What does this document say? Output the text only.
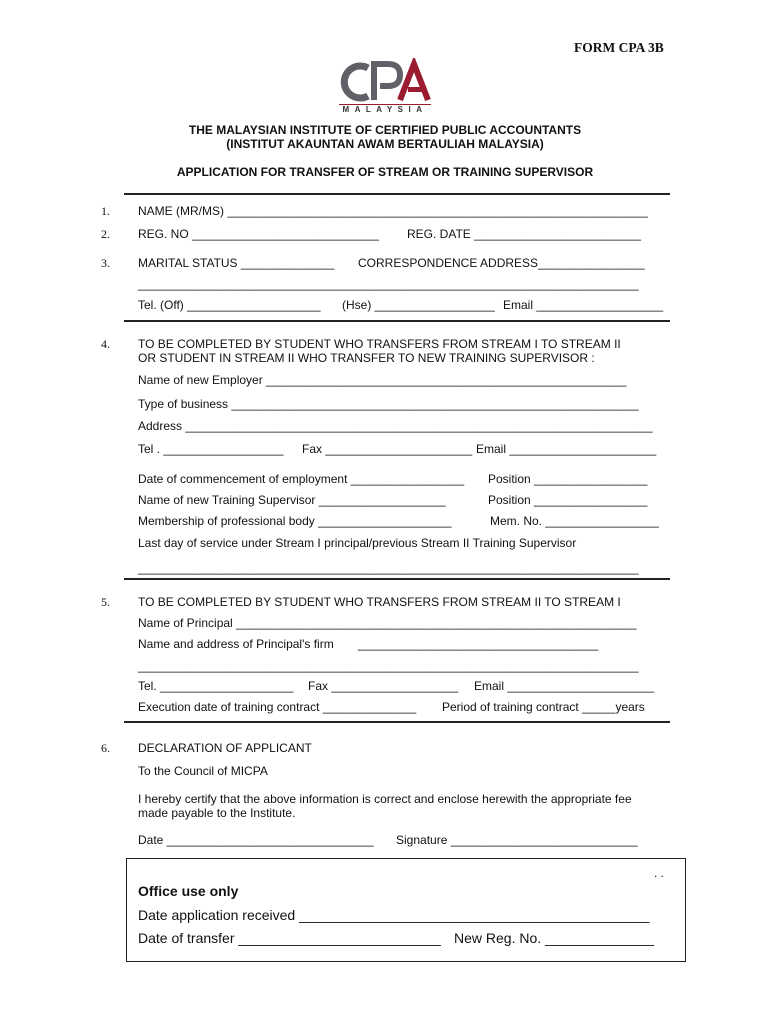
FORM CPA 3B
MALAYSIA
THE MALAYSIAN INSTITUTE OF CERTIFIED PUBLIC ACCOUNTANTS
(INSTITUT AKAUNTAN AWAM BERTAULIAH MALAYSIA)
APPLICATION FOR TRANSFER OF STREAM OR TRAINING SUPERVISOR
1. NAME (MR/MS) _______________________________________________________________
2. REG. NO ____________________________ REG. DATE _________________________
3. MARITAL STATUS ______________ CORRESPONDENCE ADDRESS________________
___________________________________________________________________________
Tel. (Off) ____________________ (Hse) __________________ Email ___________________
4. TO BE COMPLETED BY STUDENT WHO TRANSFERS FROM STREAM I TO STREAM II
OR STUDENT IN STREAM II WHO TRANSFER TO NEW TRAINING SUPERVISOR :
Name of new Employer ______________________________________________________
Type of business _____________________________________________________________
Address ______________________________________________________________________
Tel . __________________ Fax ______________________ Email ______________________
Date of commencement of employment _________________ Position _________________
Name of new Training Supervisor ___________________	Position _________________
Membership of professional body ____________________	Mem. No. _________________
Last day of service under Stream I principal/previous Stream II Training Supervisor
___________________________________________________________________________
5. TO BE COMPLETED BY STUDENT WHO TRANSFERS FROM STREAM II TO STREAM I
Name of Principal ____________________________________________________________
Name and address of Principal's firm ____________________________________
___________________________________________________________________________
Tel. ____________________ Fax ___________________ Email ______________________
Execution date of training contract ______________ Period of training contract _____years
6. DECLARATION OF APPLICANT
To the Council of MICPA
I hereby certify that the above information is correct and enclose herewith the appropriate fee
made payable to the Institute.
Date _______________________________ Signature ____________________________
. .
Office use only
Date application received _____________________________________________
Date of transfer __________________________ New Reg. No. ______________
